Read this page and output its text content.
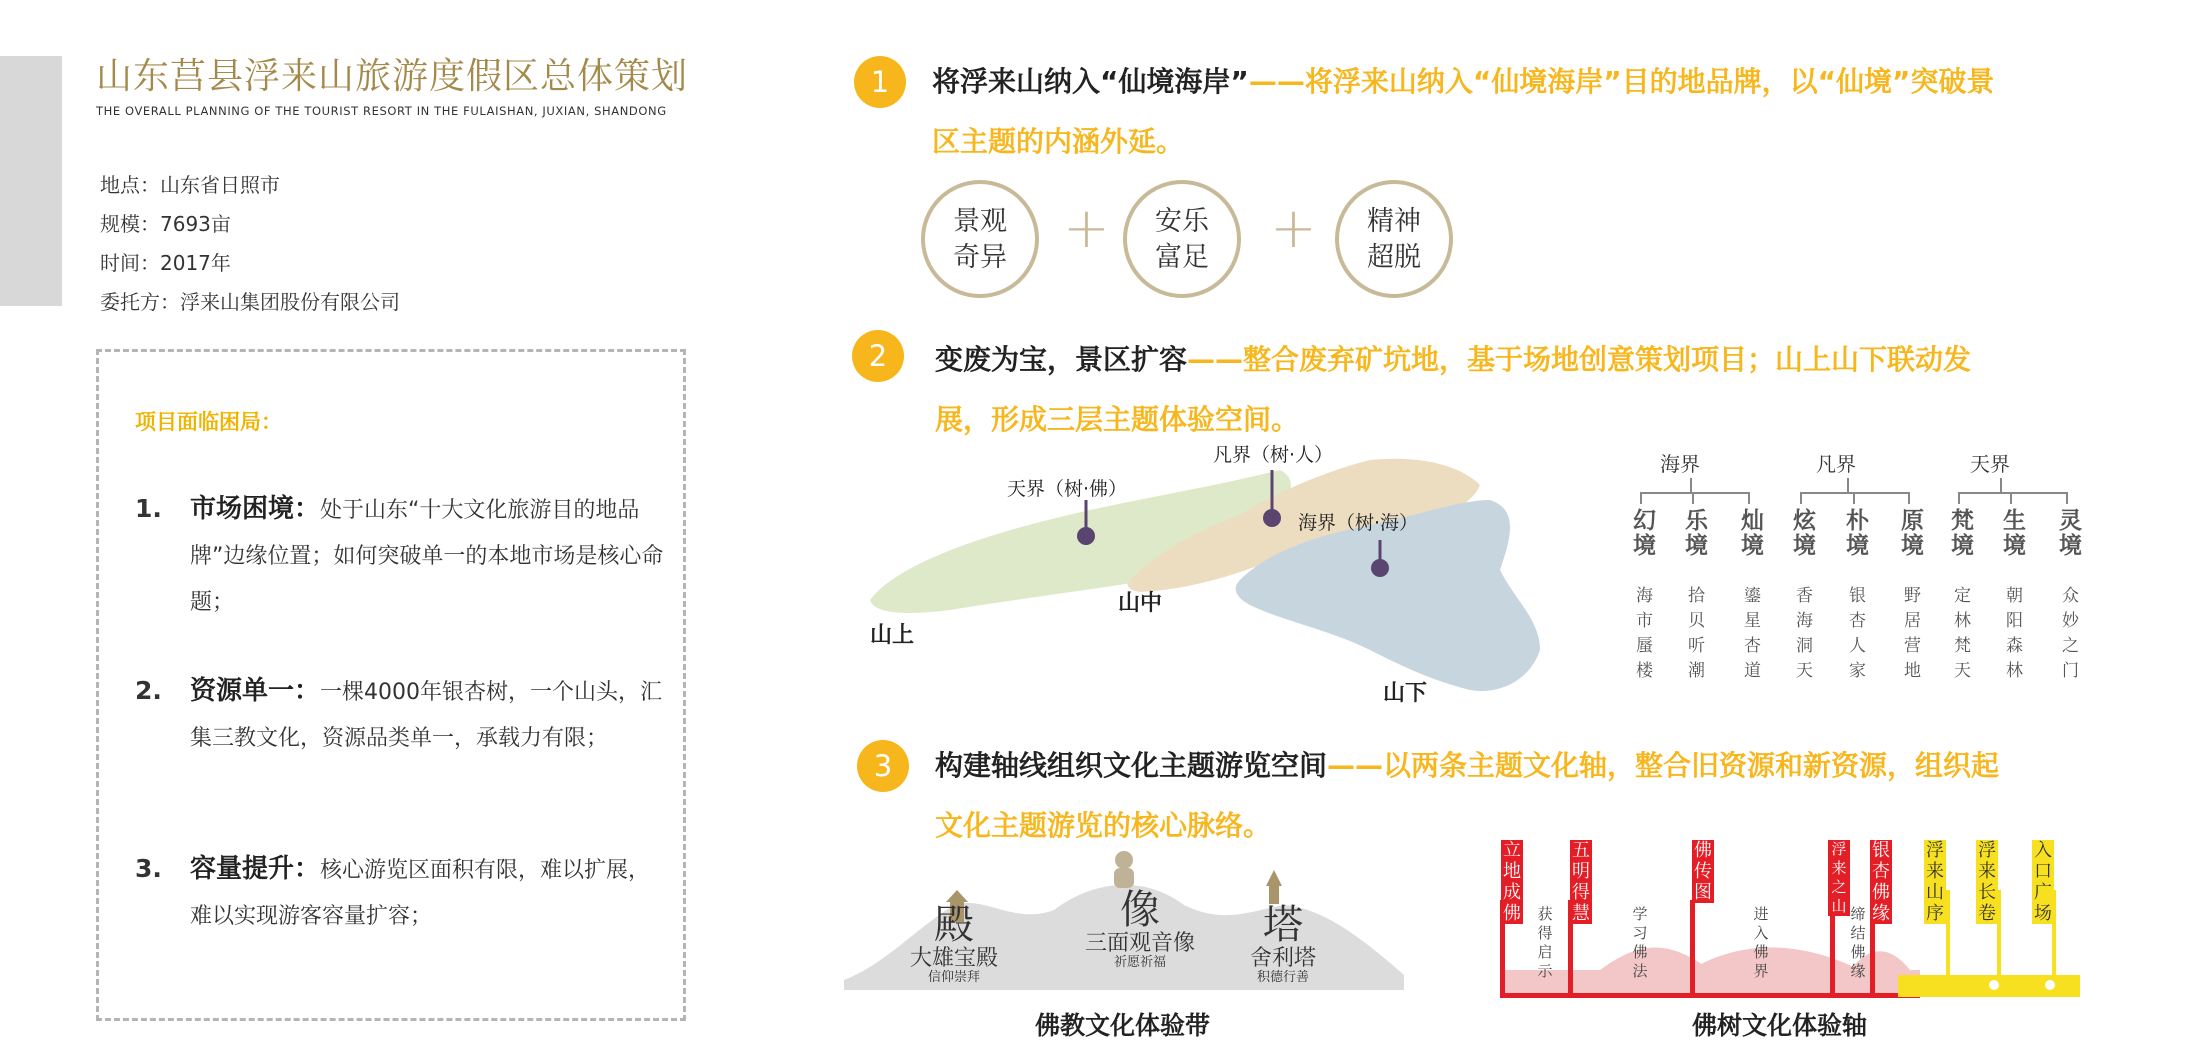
山东莒县浮来山旅游度假区总体策划
THE OVERALL PLANNING OF THE TOURIST RESORT IN THE FULAISHAN, JUXIAN, SHANDONG
地点：山东省日照市
规模：7693亩
时间：2017年
委托方：浮来山集团股份有限公司
项目面临困局：
1. 市场困境：处于山东“十大文化旅游目的地品牌”边缘位置；如何突破单一的本地市场是核心命题；
2. 资源单一：一棵4000年银杏树，一个山头，汇集三教文化，资源品类单一，承载力有限；
3. 容量提升：核心游览区面积有限，难以扩展，难以实现游客容量扩容；
1	将浮来山纳入“仙境海岸”——将浮来山纳入“仙境海岸”目的地品牌，以“仙境”突破景区主题的内涵外延。
景观
奇异	+	安乐
富足	+	精神
超脱
2	变废为宝，景区扩容——整合废弃矿坑地，基于场地创意策划项目；山上山下联动发展，形成三层主题体验空间。
天界（树·佛）
凡界（树·人）
海界（树·海）
山上
山中
山下
海界	凡界	天界
幻境 乐境 灿境 炫境 朴境 原境 梵境 生境 灵境
海市蜃楼 拾贝听潮 鎏星杏道 香海洞天 银杏人家 野居营地 定林梵天 朝阳森林 众妙之门
3	构建轴线组织文化主题游览空间——以两条主题文化轴，整合旧资源和新资源，组织起文化主题游览的核心脉络。
殿
大雄宝殿
信仰崇拜
像
三面观音像
祈愿祈福
塔
舍利塔
积德行善
佛教文化体验带
立地成佛
五明得慧
佛传图
浮来之山
银杏佛缘
浮来山序
浮来长卷
入口广场
获得启示
学习佛法
进入佛界
缔结佛缘
佛树文化体验轴
